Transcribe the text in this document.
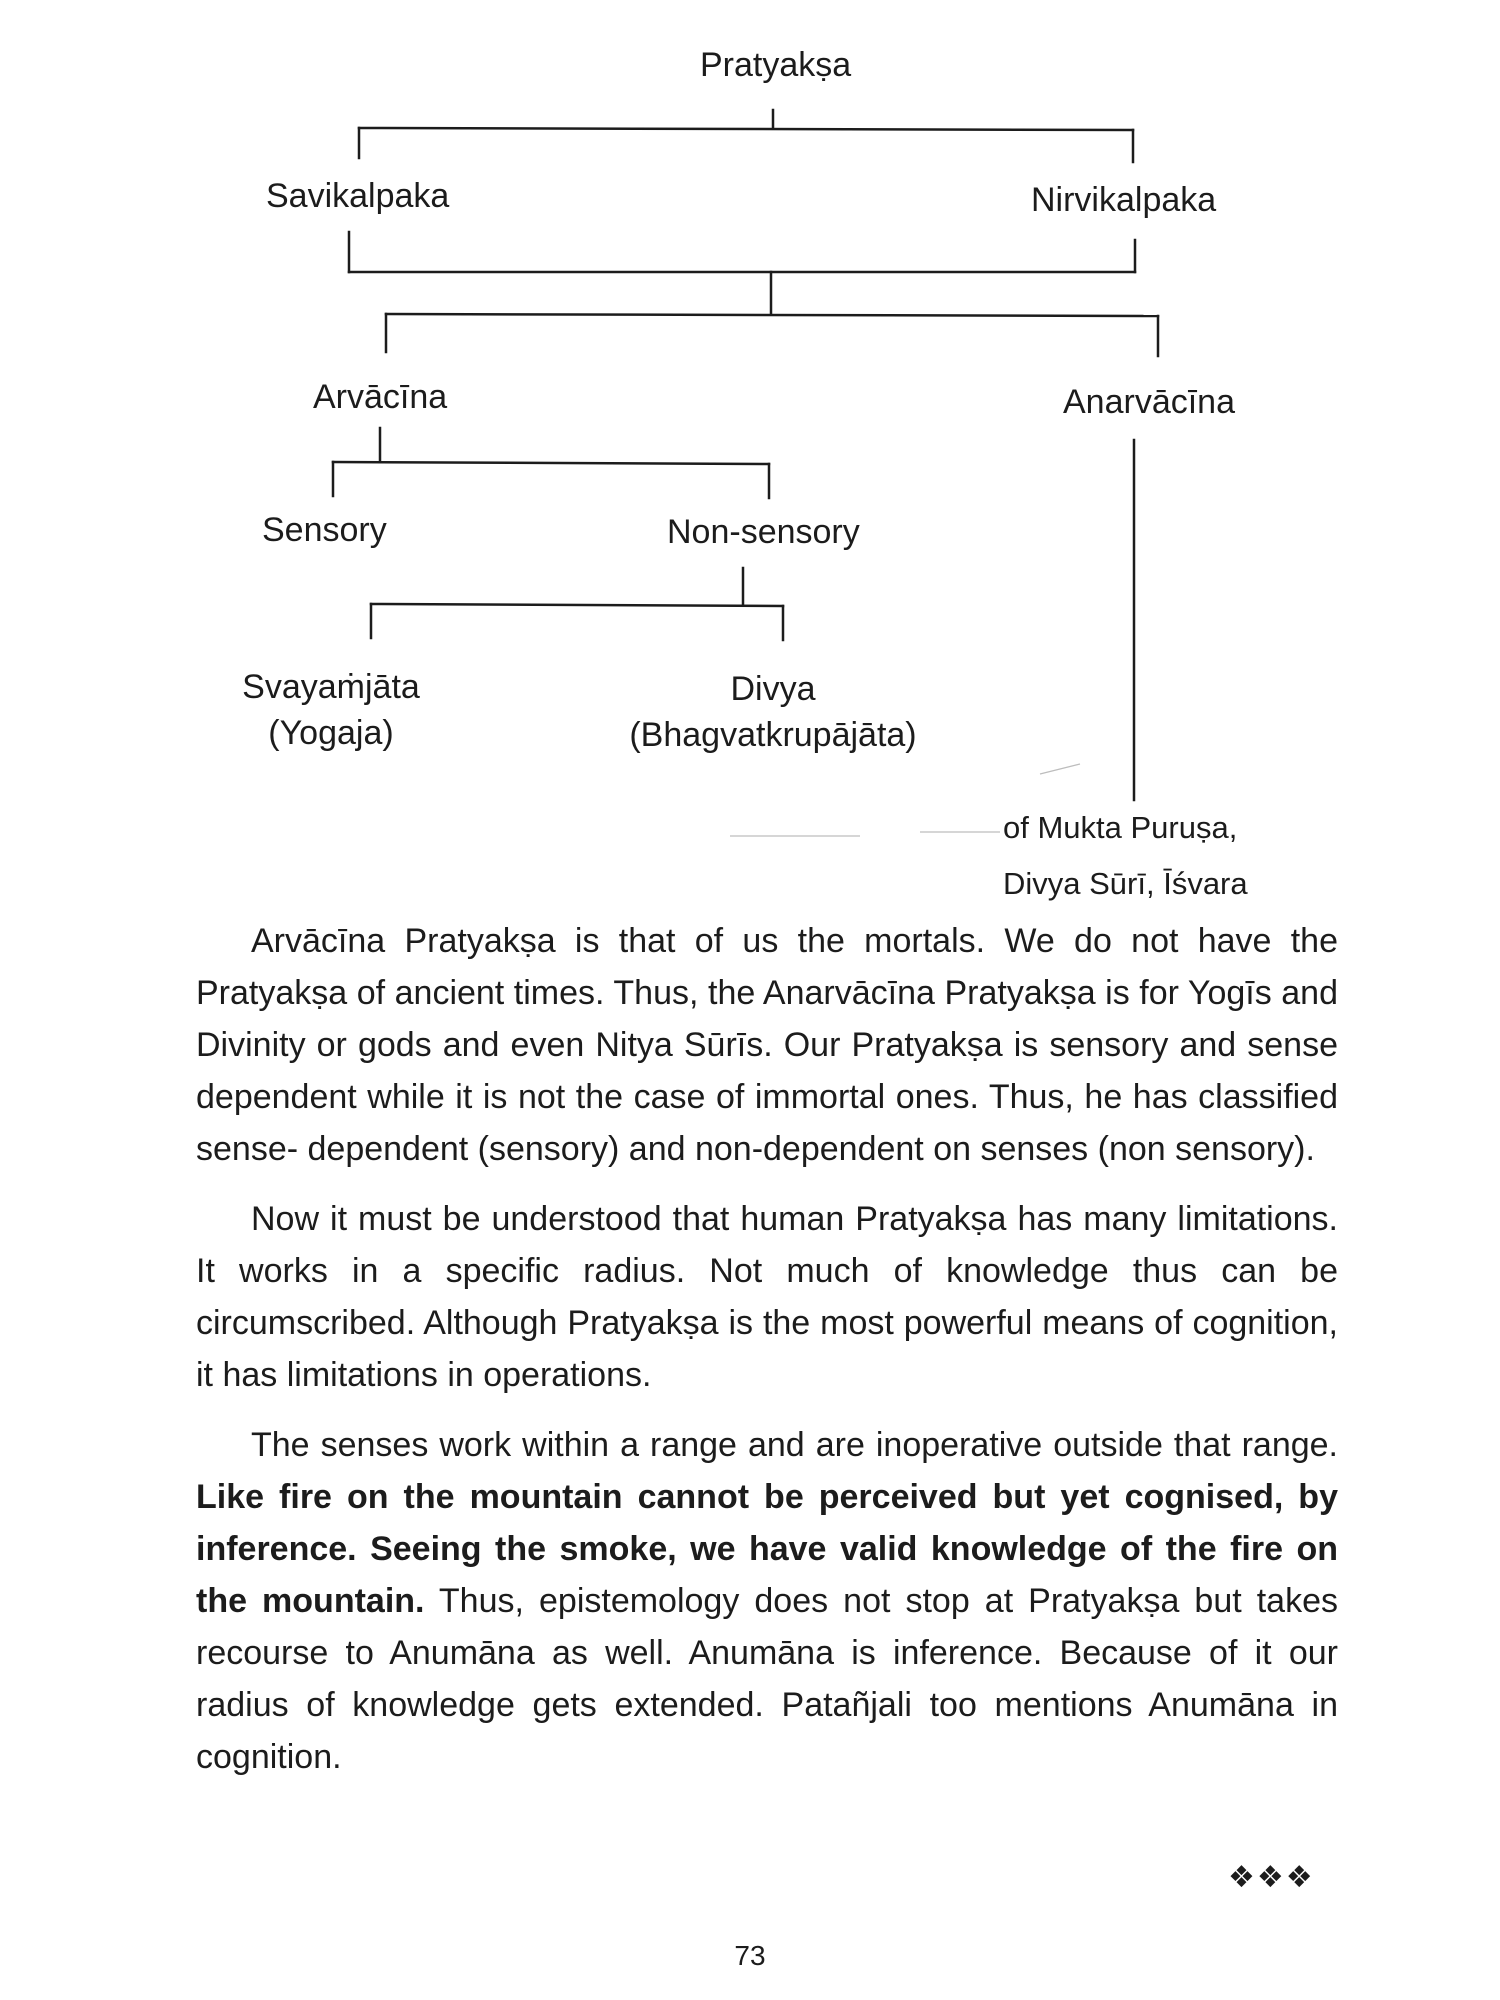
Pratyakṣa
Savikalpaka	Nirvikalpaka
Arvācīna	Anarvācīna
Sensory	Non-sensory
Svayaṁjāta
(Yogaja)
Divya
(Bhagvatkrupājāta)
of Mukta Puruṣa,
Divya Sūrī, Īśvara

Arvācīna Pratyakṣa is that of us the mortals. We do not have the Pratyakṣa of ancient times. Thus, the Anarvācīna Pratyakṣa is for Yogīs and Divinity or gods and even Nitya Sūrīs. Our Pratyakṣa is sensory and sense dependent while it is not the case of immortal ones. Thus, he has classified sense- dependent (sensory) and non-dependent on senses (non sensory).

Now it must be understood that human Pratyakṣa has many limitations. It works in a specific radius. Not much of knowledge thus can be circumscribed. Although Pratyakṣa is the most powerful means of cognition, it has limitations in operations.

The senses work within a range and are inoperative outside that range. Like fire on the mountain cannot be perceived but yet cognised, by inference. Seeing the smoke, we have valid knowledge of the fire on the mountain. Thus, epistemology does not stop at Pratyakṣa but takes recourse to Anumāna as well. Anumāna is inference. Because of it our radius of knowledge gets extended. Patañjali too mentions Anumāna in cognition.

❖❖❖
73
